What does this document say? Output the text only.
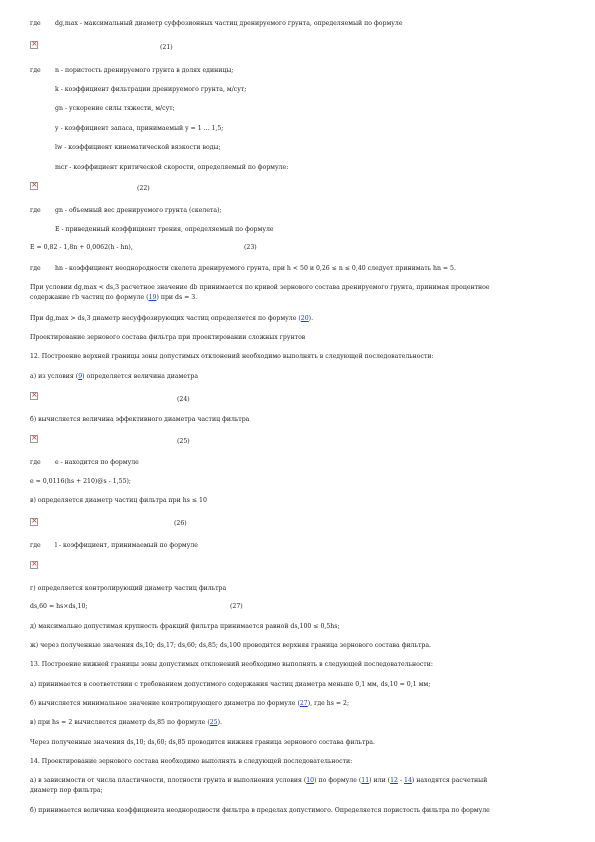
где dg,max - максимальный диаметр суффозионных частиц дренируемого грунта, определяемый по формуле
×
(21)
где n - пористость дренируемого грунта в долях единицы;
k - коэффициент фильтрации дренируемого грунта, м/сут;
gn - ускорение силы тяжести, м/сут;
y - коэффициент запаса, принимаемый y = 1 ... 1,5;
lw - коэффициент кинематической вязкости воды;
mcr - коэффициент критической скорости, определяемый по формуле:
×
(22)
где gn - объемный вес дренируемого грунта (скелета);
E - приведенный коэффициент трения, определяемый по формуле
E = 0,82 - 1,8n + 0,0062(h - hn),	(23)
где hn - коэффициент неоднородности скелета дренируемого грунта, при h < 50 и 0,26 ≤ n ≤ 0,40 следует принимать hn = 5.
При условии dg,max < ds,3 расчетное значение db принимается по кривой зернового состава дренируемого грунта, принимая процентное
содержание гb частиц по формуле (19) при ds = 3.
При dg,max > ds,3 диаметр несуффозирующих частиц определяется по формуле (20).
Проектирование зернового состава фильтра при проектировании сложных грунтов
12. Построение верхней границы зоны допустимых отклонений необходимо выполнять в следующей последовательности:
а) из условия (9) определяется величина диаметра
×
(24)
б) вычисляется величина эффективного диаметра частиц фильтра
×
(25)
где e - находится по формуле
e = 0,0116(hs + 210)@s - 1,55);
в) определяется диаметр частиц фильтра при hs ≤ 10
×
(26)
где l - коэффициент, принимаемый по формуле
×
г) определяется контролирующий диаметр частиц фильтра
ds,60 = hs×ds,10;	(27)
д) максимально допустимая крупность фракций фильтра принимается равной ds,100 ≤ 0,5hs;
ж) через полученные значения ds,10; ds,17; ds,60; ds,85; ds,100 проводится верхняя граница зернового состава фильтра.
13. Построение нижней границы зоны допустимых отклонений необходимо выполнять в следующей последовательности:
а) принимается в соответствии с требованием допустимого содержания частиц диаметра меньше 0,1 мм, ds,10 = 0,1 мм;
б) вычисляется минимальное значение контролирующего диаметра по формуле (27), где hs = 2;
в) при hs = 2 вычисляется диаметр ds,85 по формуле (25).
Через полученные значения ds,10; ds,60; ds,85 проводится нижняя граница зернового состава фильтра.
14. Проектирование зернового состава необходимо выполнять в следующей последовательности:
а) в зависимости от числа пластичности, плотности грунта и выполнения условия (10) по формуле (11) или (12 - 14) находятся расчетный
диаметр пор фильтра;
б) принимается величина коэффициента неоднородности фильтра в пределах допустимого. Определяется пористость фильтра по формуле
